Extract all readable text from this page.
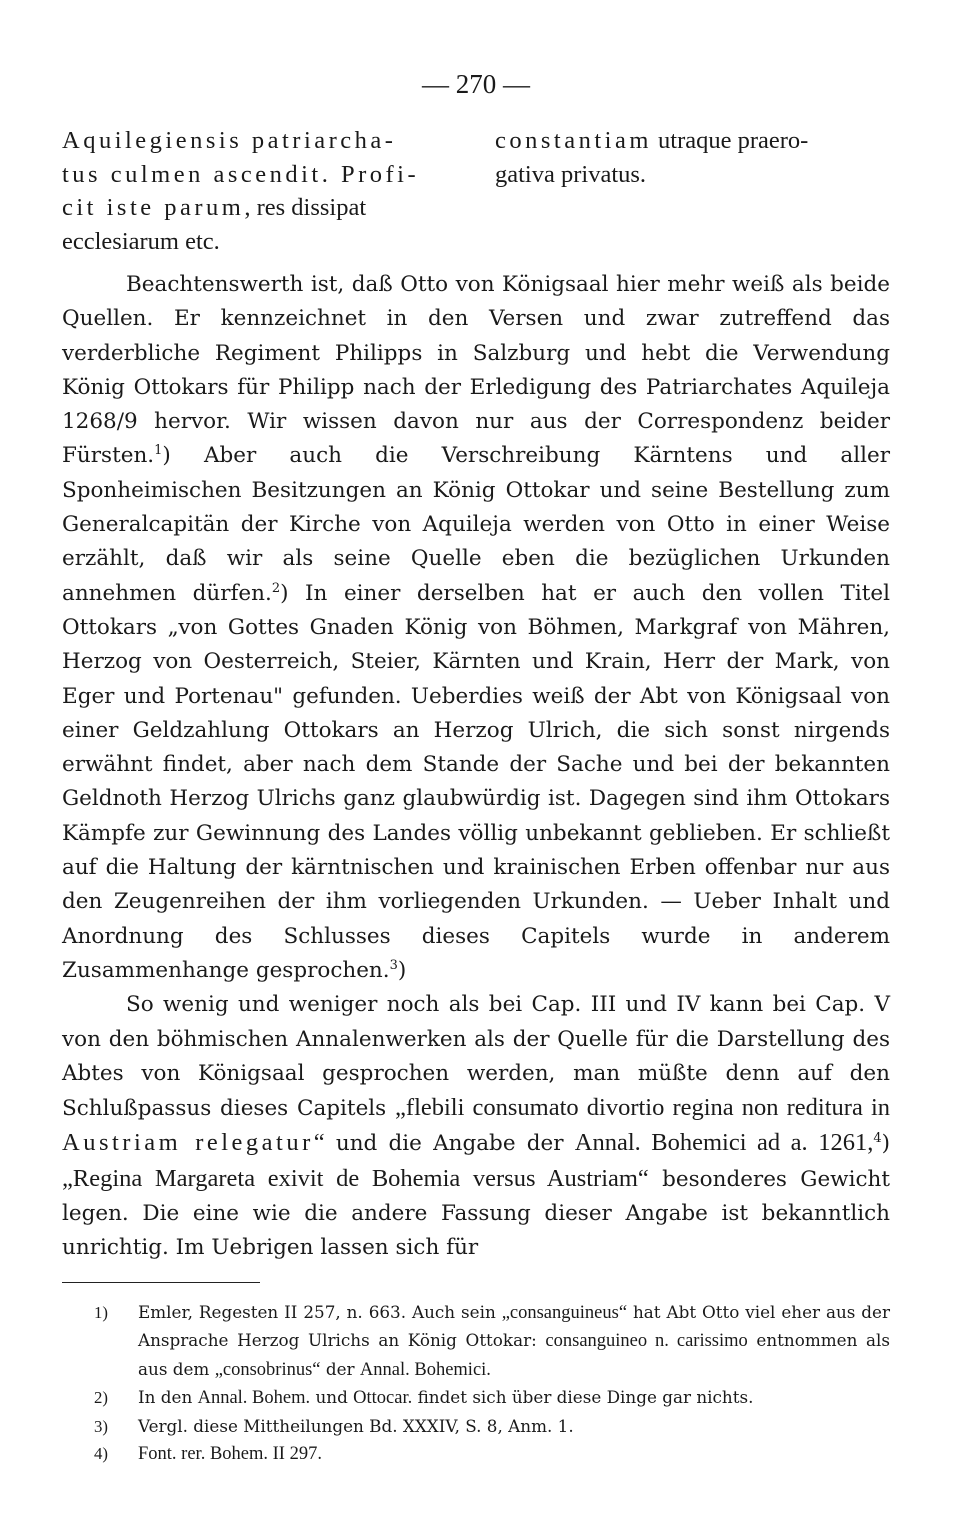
— 270 —
Aquilegiensis patriarcha-
tus culmen ascendit. Profi-
cit iste parum, res dissipat
ecclesiarum etc.
constantiam utraque praero-
gativa privatus.

Beachtenswerth ist, daß Otto von Königsaal hier mehr weiß als beide Quellen. Er kennzeichnet in den Versen und zwar zutreffend das verderbliche Regiment Philipps in Salzburg und hebt die Verwendung König Ottokars für Philipp nach der Erledigung des Patriarchates Aquileja 1268/9 hervor. Wir wissen davon nur aus der Correspondenz beider Fürsten.$^1$) Aber auch die Verschreibung Kärntens und aller Sponheimischen Besitzungen an König Ottokar und seine Bestellung zum Generalcapitän der Kirche von Aquileja werden von Otto in einer Weise erzählt, daß wir als seine Quelle eben die bezüglichen Urkunden annehmen dürfen.$^2$) In einer derselben hat er auch den vollen Titel Ottokars „von Gottes Gnaden König von Böhmen, Markgraf von Mähren, Herzog von Oesterreich, Steier, Kärnten und Krain, Herr der Mark, von Eger und Portenau" gefunden. Ueberdies weiß der Abt von Königsaal von einer Geldzahlung Ottokars an Herzog Ulrich, die sich sonst nirgends erwähnt findet, aber nach dem Stande der Sache und bei der bekannten Geldnoth Herzog Ulrichs ganz glaubwürdig ist. Dagegen sind ihm Ottokars Kämpfe zur Gewinnung des Landes völlig unbekannt geblieben. Er schließt auf die Haltung der kärntnischen und krainischen Erben offenbar nur aus den Zeugenreihen der ihm vorliegenden Urkunden. — Ueber Inhalt und Anordnung des Schlusses dieses Capitels wurde in anderem Zusammenhange gesprochen.$^3$)

So wenig und weniger noch als bei Cap. III und IV kann bei Cap. V von den böhmischen Annalenwerken als der Quelle für die Darstellung des Abtes von Königsaal gesprochen werden, man müßte denn auf den Schlußpassus dieses Capitels „flebili consumato divortio regina non reditura in Austriam relegatur“ und die Angabe der Annal. Bohemici ad a. 1261,$^4$) „Regina Margareta exivit de Bohemia versus Austriam“ besonderes Gewicht legen. Die eine wie die andere Fassung dieser Angabe ist bekanntlich unrichtig. Im Uebrigen lassen sich für

1) Emler, Regesten II 257, n. 663. Auch sein „consanguineus“ hat Abt Otto viel eher aus der Ansprache Herzog Ulrichs an König Ottokar: consanguineo n. carissimo entnommen als aus dem „consobrinus“ der Annal. Bohemici.
2) In den Annal. Bohem. und Ottocar. findet sich über diese Dinge gar nichts.
3) Vergl. diese Mittheilungen Bd. XXXIV, S. 8, Anm. 1.
4) Font. rer. Bohem. II 297.
